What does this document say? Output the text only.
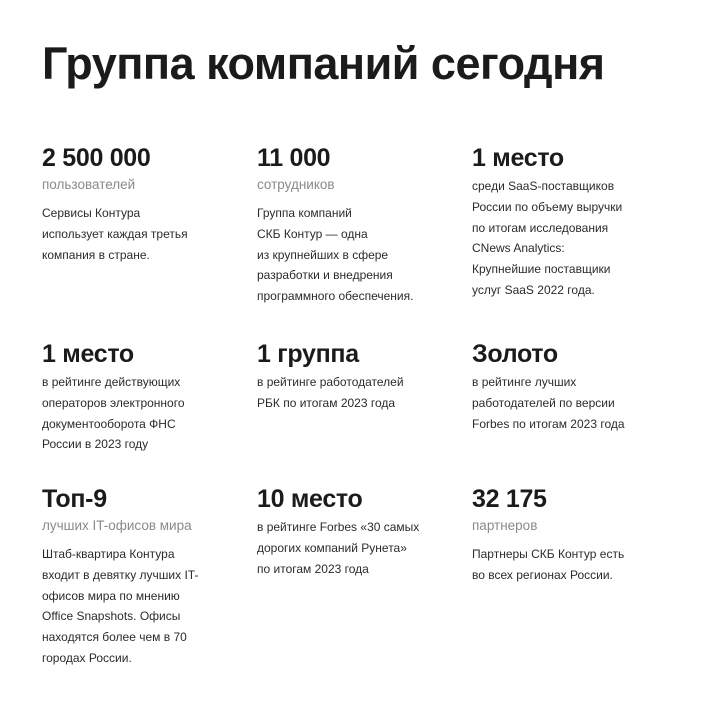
Группа компаний сегодня
2 500 000
пользователей
Сервисы Контура
использует каждая третья
компания в стране.
11 000
сотрудников
Группа компаний
СКБ Контур — одна
из крупнейших в сфере
разработки и внедрения
программного обеспечения.
1 место
среди SaaS-поставщиков
России по объему выручки
по итогам исследования
CNews Analytics:
Крупнейшие поставщики
услуг SaaS 2022 года.
1 место
в рейтинге действующих
операторов электронного
документооборота ФНС
России в 2023 году
1 группа
в рейтинге работодателей
РБК по итогам 2023 года
Золото
в рейтинге лучших
работодателей по версии
Forbes по итогам 2023 года
Топ-9
лучших IT-офисов мира
Штаб-квартира Контура
входит в девятку лучших IT-
офисов мира по мнению
Office Snapshots. Офисы
находятся более чем в 70
городах России.
10 место
в рейтинге Forbes «30 самых
дорогих компаний Рунета»
по итогам 2023 года
32 175
партнеров
Партнеры СКБ Контур есть
во всех регионах России.
